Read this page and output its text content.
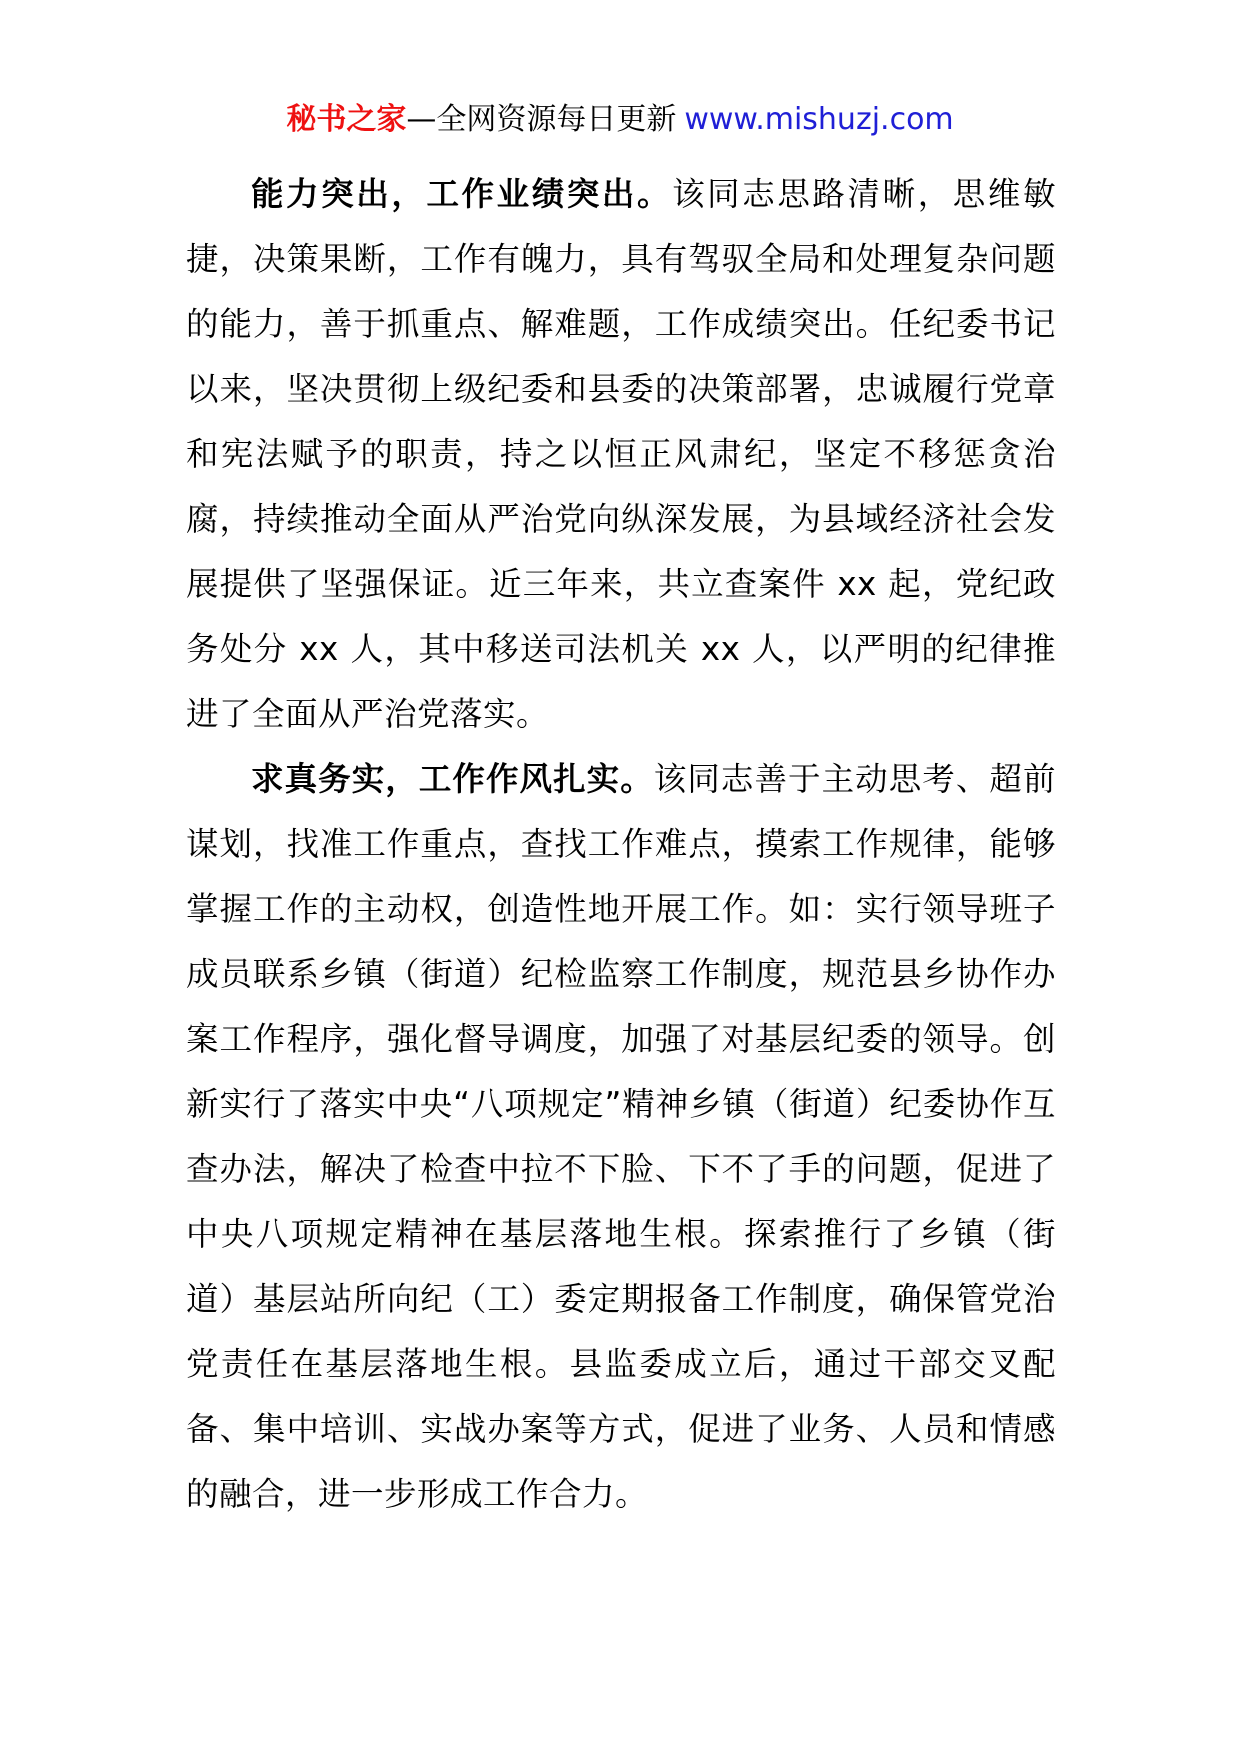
秘书之家—全网资源每日更新 www.mishuzj.com

能力突出，工作业绩突出。该同志思路清晰，思维敏捷，决策果断，工作有魄力，具有驾驭全局和处理复杂问题的能力，善于抓重点、解难题，工作成绩突出。任纪委书记以来，坚决贯彻上级纪委和县委的决策部署，忠诚履行党章和宪法赋予的职责，持之以恒正风肃纪，坚定不移惩贪治腐，持续推动全面从严治党向纵深发展，为县域经济社会发展提供了坚强保证。近三年来，共立查案件 xx 起，党纪政务处分 xx 人，其中移送司法机关 xx 人，以严明的纪律推进了全面从严治党落实。

求真务实，工作作风扎实。该同志善于主动思考、超前谋划，找准工作重点，查找工作难点，摸索工作规律，能够掌握工作的主动权，创造性地开展工作。如：实行领导班子成员联系乡镇（街道）纪检监察工作制度，规范县乡协作办案工作程序，强化督导调度，加强了对基层纪委的领导。创新实行了落实中央“八项规定”精神乡镇（街道）纪委协作互查办法，解决了检查中拉不下脸、下不了手的问题，促进了中央八项规定精神在基层落地生根。探索推行了乡镇（街道）基层站所向纪（工）委定期报备工作制度，确保管党治党责任在基层落地生根。县监委成立后，通过干部交叉配备、集中培训、实战办案等方式，促进了业务、人员和情感的融合，进一步形成工作合力。
